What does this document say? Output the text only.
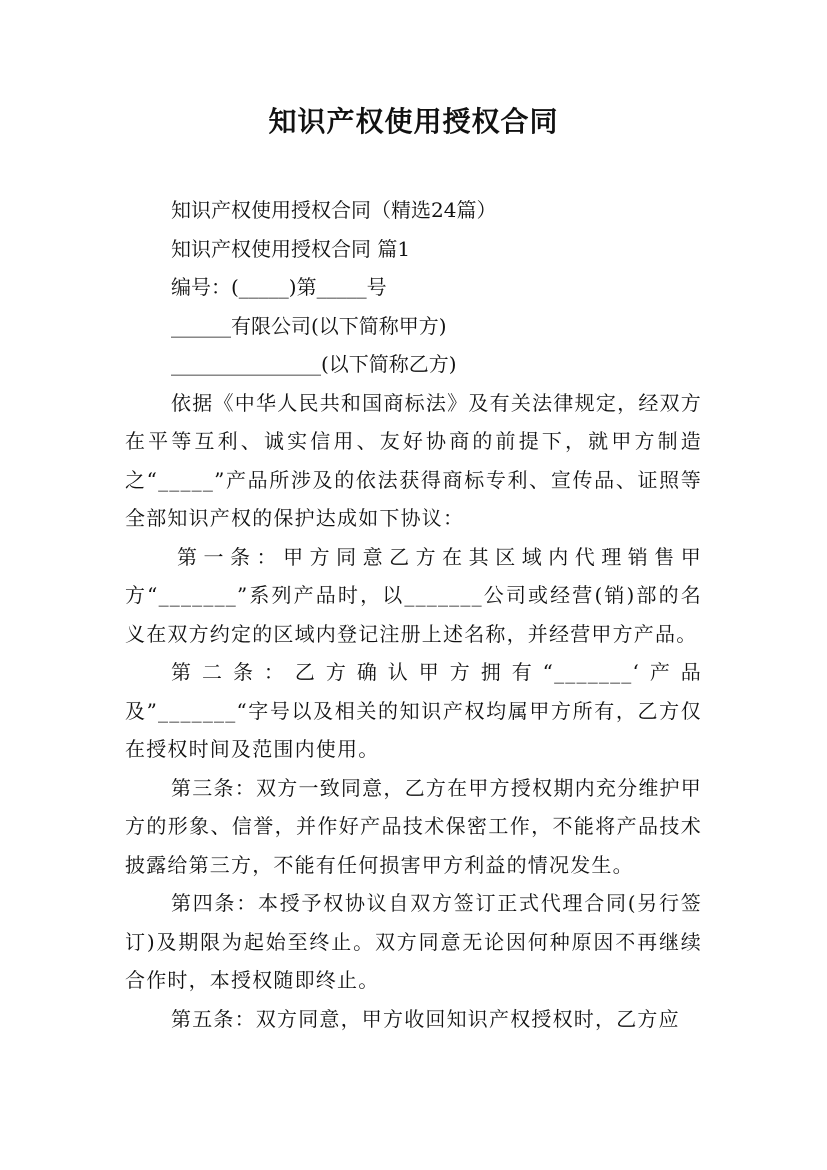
知识产权使用授权合同

知识产权使用授权合同（精选24篇）

知识产权使用授权合同 篇1

编号：(_____)第_____号

______有限公司(以下简称甲方)

_______________(以下简称乙方)

依据《中华人民共和国商标法》及有关法律规定，经双方在平等互利、诚实信用、友好协商的前提下，就甲方制造之“_____”产品所涉及的依法获得商标专利、宣传品、证照等全部知识产权的保护达成如下协议：

第一条：甲方同意乙方在其区域内代理销售甲方“_______”系列产品时，以_______公司或经营(销)部的名义在双方约定的区域内登记注册上述名称，并经营甲方产品。

第二条：乙方确认甲方拥有“_______‘产品及”_______“字号以及相关的知识产权均属甲方所有，乙方仅在授权时间及范围内使用。

第三条：双方一致同意，乙方在甲方授权期内充分维护甲方的形象、信誉，并作好产品技术保密工作，不能将产品技术披露给第三方，不能有任何损害甲方利益的情况发生。

第四条：本授予权协议自双方签订正式代理合同(另行签订)及期限为起始至终止。双方同意无论因何种原因不再继续合作时，本授权随即终止。

第五条：双方同意，甲方收回知识产权授权时，乙方应
